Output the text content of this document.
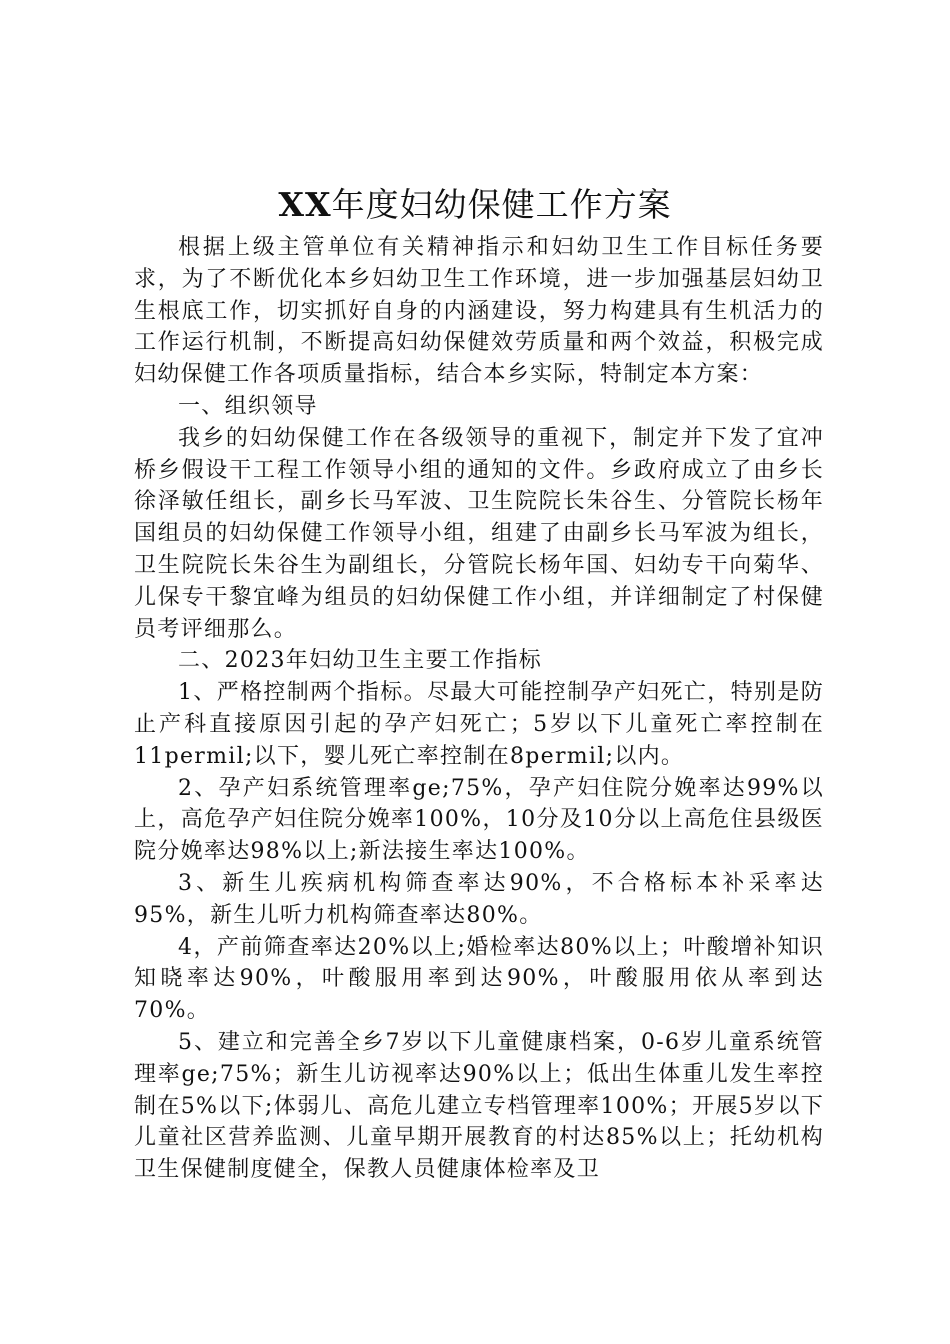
XX年度妇幼保健工作方案

根据上级主管单位有关精神指示和妇幼卫生工作目标任务要求，为了不断优化本乡妇幼卫生工作环境，进一步加强基层妇幼卫生根底工作，切实抓好自身的内涵建设，努力构建具有生机活力的工作运行机制，不断提高妇幼保健效劳质量和两个效益，积极完成妇幼保健工作各项质量指标，结合本乡实际，特制定本方案：

一、组织领导

我乡的妇幼保健工作在各级领导的重视下，制定并下发了宜冲桥乡假设干工程工作领导小组的通知的文件。乡政府成立了由乡长徐泽敏任组长，副乡长马军波、卫生院院长朱谷生、分管院长杨年国组员的妇幼保健工作领导小组，组建了由副乡长马军波为组长，卫生院院长朱谷生为副组长，分管院长杨年国、妇幼专干向菊华、儿保专干黎宜峰为组员的妇幼保健工作小组，并详细制定了村保健员考评细那么。

二、2023年妇幼卫生主要工作指标

1、严格控制两个指标。尽最大可能控制孕产妇死亡，特别是防止产科直接原因引起的孕产妇死亡；5岁以下儿童死亡率控制在11permil;以下，婴儿死亡率控制在8permil;以内。

2、孕产妇系统管理率ge;75%，孕产妇住院分娩率达99%以上，高危孕产妇住院分娩率100%，10分及10分以上高危住县级医院分娩率达98%以上;新法接生率达100%。

3、新生儿疾病机构筛查率达90%，不合格标本补采率达95%，新生儿听力机构筛查率达80%。

4，产前筛查率达20%以上;婚检率达80%以上；叶酸增补知识知晓率达90%，叶酸服用率到达90%，叶酸服用依从率到达70%。

5、建立和完善全乡7岁以下儿童健康档案，0-6岁儿童系统管理率ge;75%；新生儿访视率达90%以上；低出生体重儿发生率控制在5%以下;体弱儿、高危儿建立专档管理率100%；开展5岁以下儿童社区营养监测、儿童早期开展教育的村达85%以上；托幼机构卫生保健制度健全，保教人员健康体检率及卫
